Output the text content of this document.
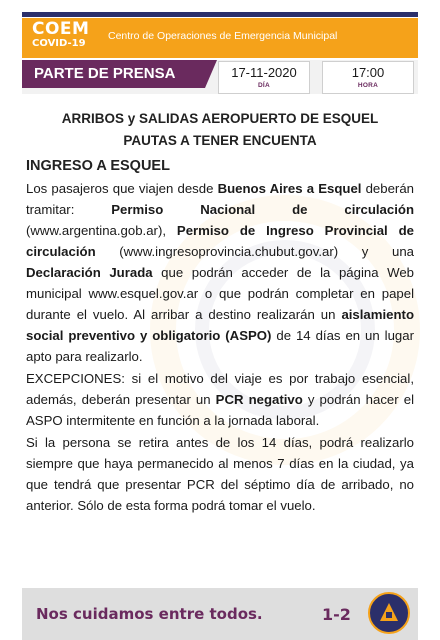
COEM
COVID-19
Centro de Operaciones de Emergencia Municipal
PARTE DE PRENSA	17-11-2020
DÍA
17:00
HORA
ARRIBOS y SALIDAS AEROPUERTO DE ESQUEL
PAUTAS A TENER ENCUENTA
INGRESO A ESQUEL

Los pasajeros que viajen desde Buenos Aires a Esquel deberán tramitar: Permiso Nacional de circulación (www.argentina.gob.ar), Permiso de Ingreso Provincial de circulación (www.ingresoprovincia.chubut.gov.ar) y una Declaración Jurada que podrán acceder de la página Web municipal www.esquel.gov.ar o que podrán completar en papel durante el vuelo. Al arribar a destino realizarán un aislamiento social preventivo y obligatorio (ASPO) de 14 días en un lugar apto para realizarlo.

EXCEPCIONES: si el motivo del viaje es por trabajo esencial, además, deberán presentar un PCR negativo y podrán hacer el ASPO intermitente en función a la jornada laboral.

Si la persona se retira antes de los 14 días, podrá realizarlo siempre que haya permanecido al menos 7 días en la ciudad, ya que tendrá que presentar PCR del séptimo día de arribado, no anterior. Sólo de esta forma podrá tomar el vuelo.

Nos cuidamos entre todos.	1-2
